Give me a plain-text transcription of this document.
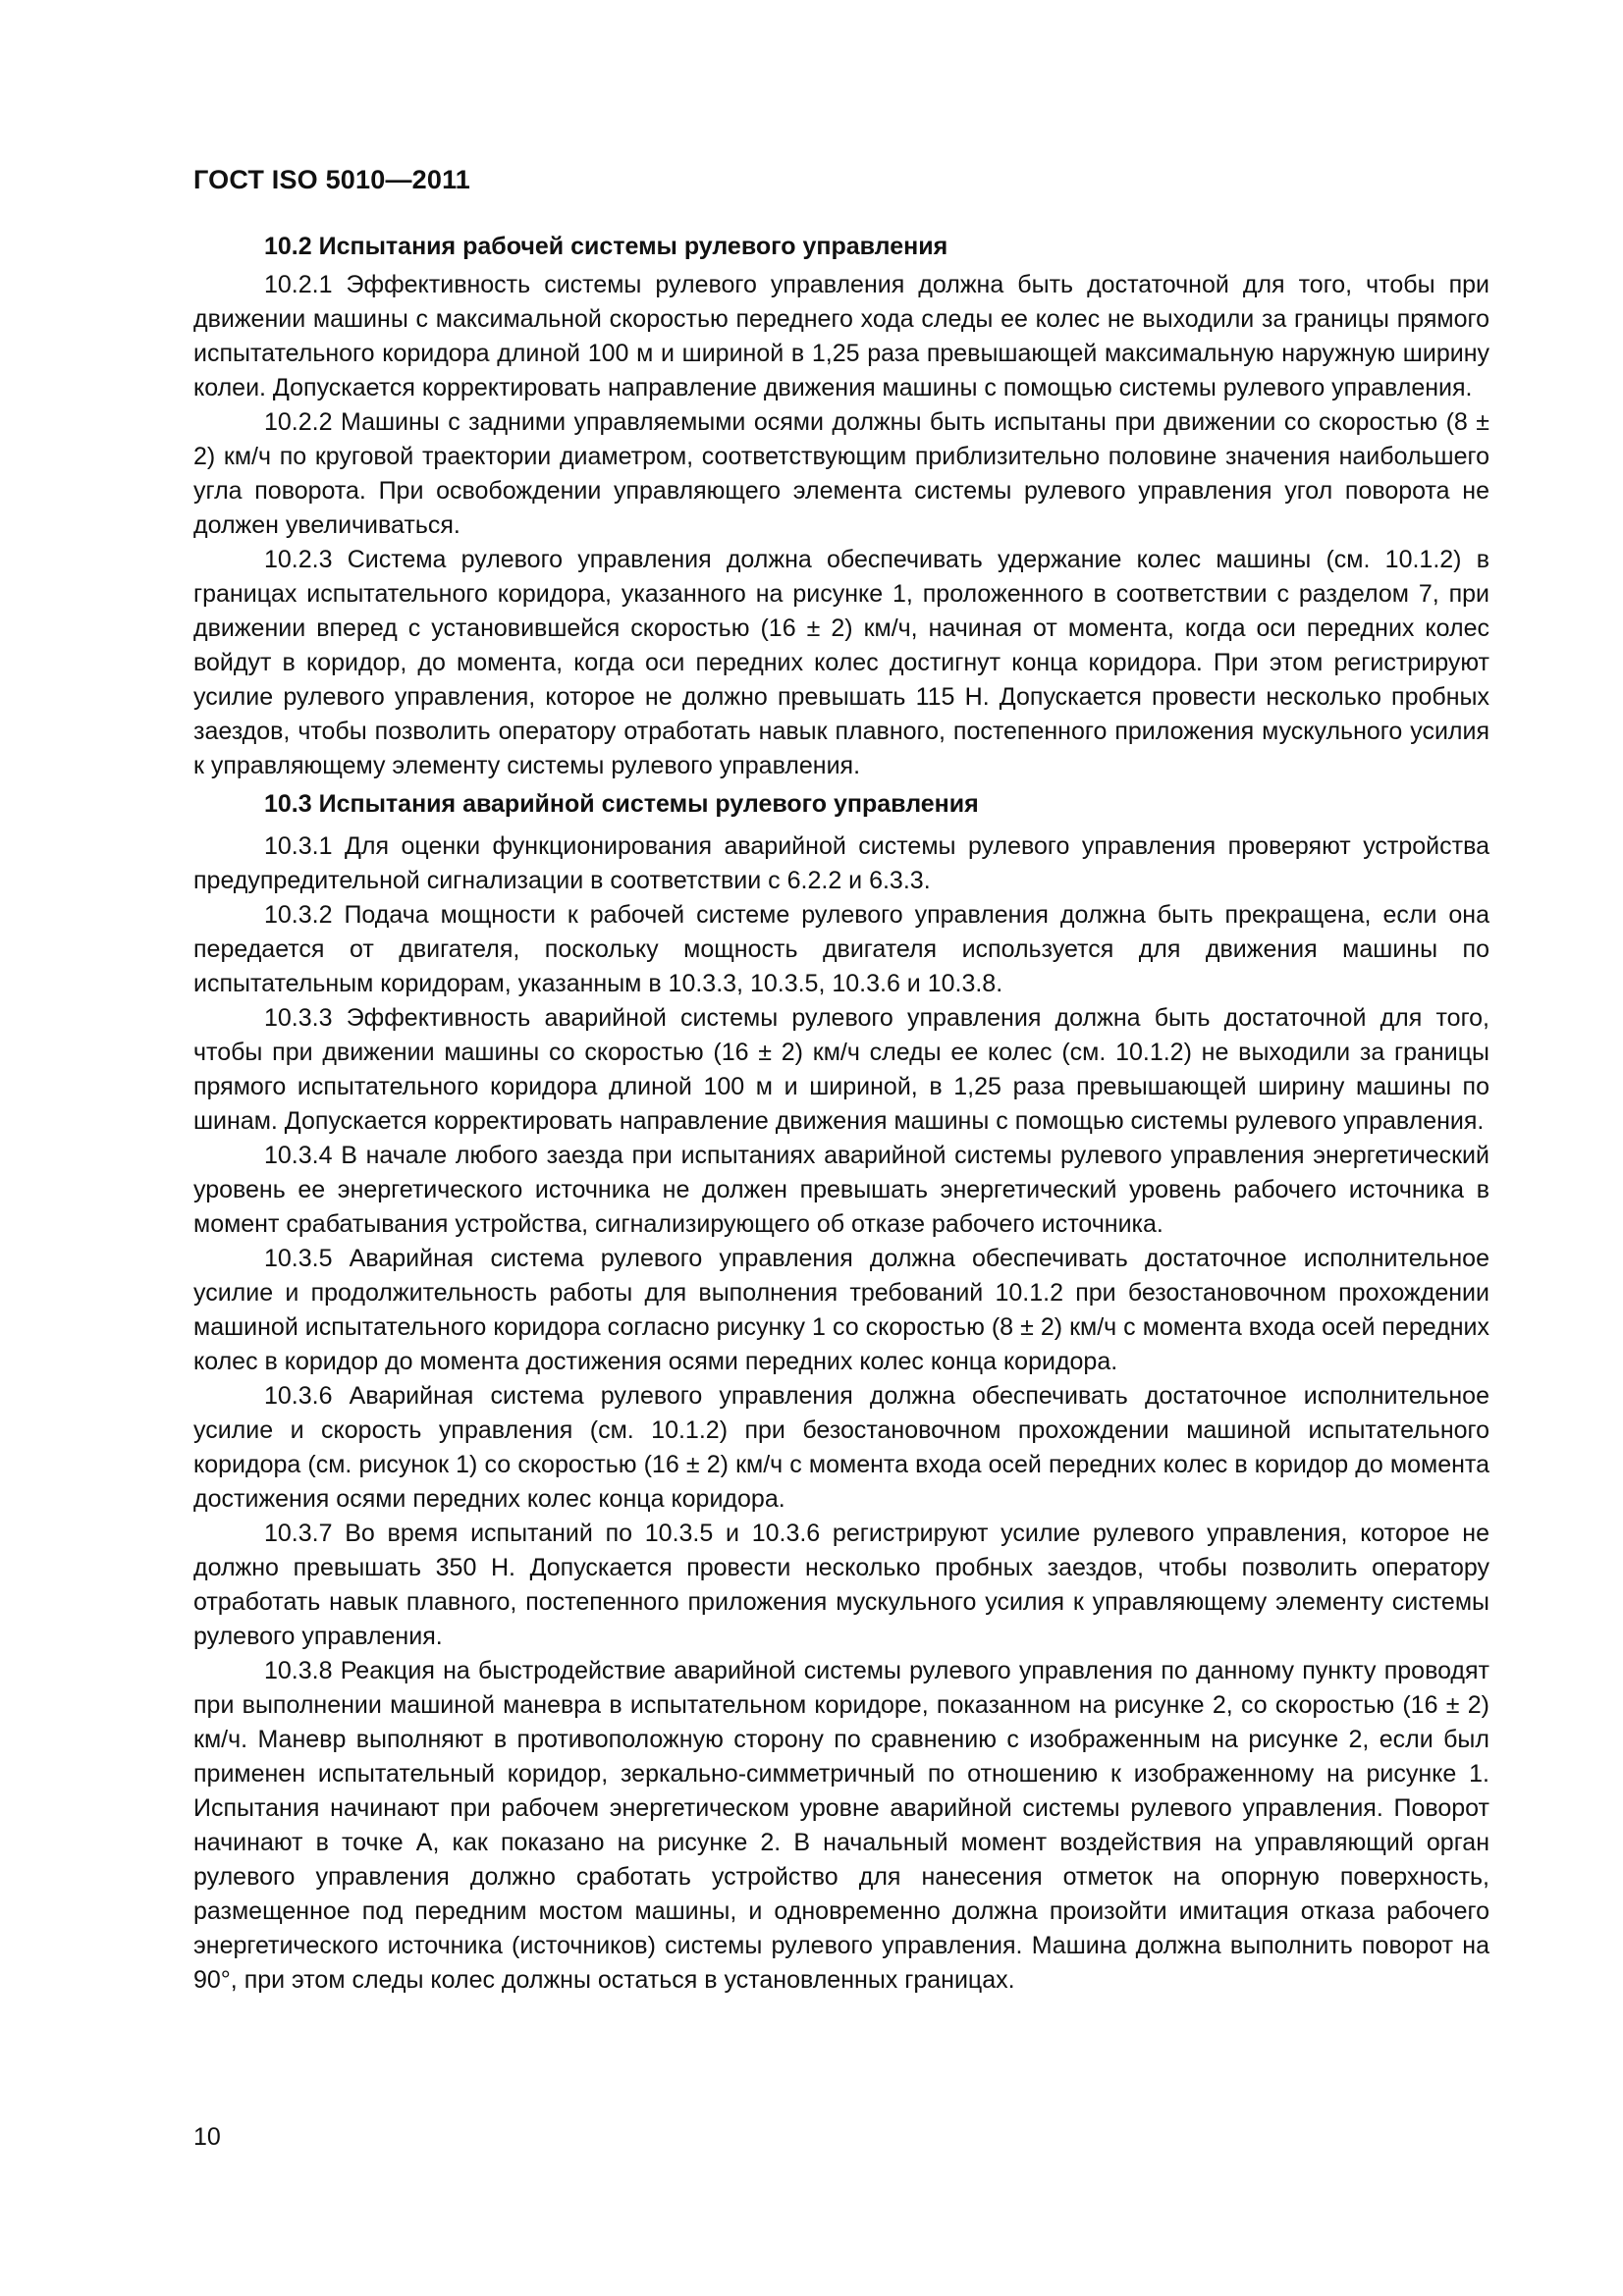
ГОСТ ISO 5010—2011
10.2 Испытания рабочей системы рулевого управления

10.2.1 Эффективность системы рулевого управления должна быть достаточной для того, чтобы при движении машины с максимальной скоростью переднего хода следы ее колес не выходили за границы прямого испытательного коридора длиной 100 м и шириной в 1,25 раза превышающей максимальную наружную ширину колеи. Допускается корректировать направление движения машины с помощью системы рулевого управления.

10.2.2 Машины с задними управляемыми осями должны быть испытаны при движении со скоростью (8 ± 2) км/ч по круговой траектории диаметром, соответствующим приблизительно половине значения наибольшего угла поворота. При освобождении управляющего элемента системы рулевого управления угол поворота не должен увеличиваться.

10.2.3 Система рулевого управления должна обеспечивать удержание колес машины (см. 10.1.2) в границах испытательного коридора, указанного на рисунке 1, проложенного в соответствии с разделом 7, при движении вперед с установившейся скоростью (16 ± 2) км/ч, начиная от момента, когда оси передних колес войдут в коридор, до момента, когда оси передних колес достигнут конца коридора. При этом регистрируют усилие рулевого управления, которое не должно превышать 115 Н. Допускается провести несколько пробных заездов, чтобы позволить оператору отработать навык плавного, постепенного приложения мускульного усилия к управляющему элементу системы рулевого управления.

10.3 Испытания аварийной системы рулевого управления

10.3.1 Для оценки функционирования аварийной системы рулевого управления проверяют устройства предупредительной сигнализации в соответствии с 6.2.2 и 6.3.3.

10.3.2 Подача мощности к рабочей системе рулевого управления должна быть прекращена, если она передается от двигателя, поскольку мощность двигателя используется для движения машины по испытательным коридорам, указанным в 10.3.3, 10.3.5, 10.3.6 и 10.3.8.

10.3.3 Эффективность аварийной системы рулевого управления должна быть достаточной для того, чтобы при движении машины со скоростью (16 ± 2) км/ч следы ее колес (см. 10.1.2) не выходили за границы прямого испытательного коридора длиной 100 м и шириной, в 1,25 раза превышающей ширину машины по шинам. Допускается корректировать направление движения машины с помощью системы рулевого управления.

10.3.4 В начале любого заезда при испытаниях аварийной системы рулевого управления энергетический уровень ее энергетического источника не должен превышать энергетический уровень рабочего источника в момент срабатывания устройства, сигнализирующего об отказе рабочего источника.

10.3.5 Аварийная система рулевого управления должна обеспечивать достаточное исполнительное усилие и продолжительность работы для выполнения требований 10.1.2 при безостановочном прохождении машиной испытательного коридора согласно рисунку 1 со скоростью (8 ± 2) км/ч с момента входа осей передних колес в коридор до момента достижения осями передних колес конца коридора.

10.3.6 Аварийная система рулевого управления должна обеспечивать достаточное исполнительное усилие и скорость управления (см. 10.1.2) при безостановочном прохождении машиной испытательного коридора (см. рисунок 1) со скоростью (16 ± 2) км/ч с момента входа осей передних колес в коридор до момента достижения осями передних колес конца коридора.

10.3.7 Во время испытаний по 10.3.5 и 10.3.6 регистрируют усилие рулевого управления, которое не должно превышать 350 Н. Допускается провести несколько пробных заездов, чтобы позволить оператору отработать навык плавного, постепенного приложения мускульного усилия к управляющему элементу системы рулевого управления.

10.3.8 Реакция на быстродействие аварийной системы рулевого управления по данному пункту проводят при выполнении машиной маневра в испытательном коридоре, показанном на рисунке 2, со скоростью (16 ± 2) км/ч. Маневр выполняют в противоположную сторону по сравнению с изображенным на рисунке 2, если был применен испытательный коридор, зеркально-симметричный по отношению к изображенному на рисунке 1. Испытания начинают при рабочем энергетическом уровне аварийной системы рулевого управления. Поворот начинают в точке А, как показано на рисунке 2. В начальный момент воздействия на управляющий орган рулевого управления должно сработать устройство для нанесения отметок на опорную поверхность, размещенное под передним мостом машины, и одновременно должна произойти имитация отказа рабочего энергетического источника (источников) системы рулевого управления. Машина должна выполнить поворот на 90°, при этом следы колес должны остаться в установленных границах.

10
